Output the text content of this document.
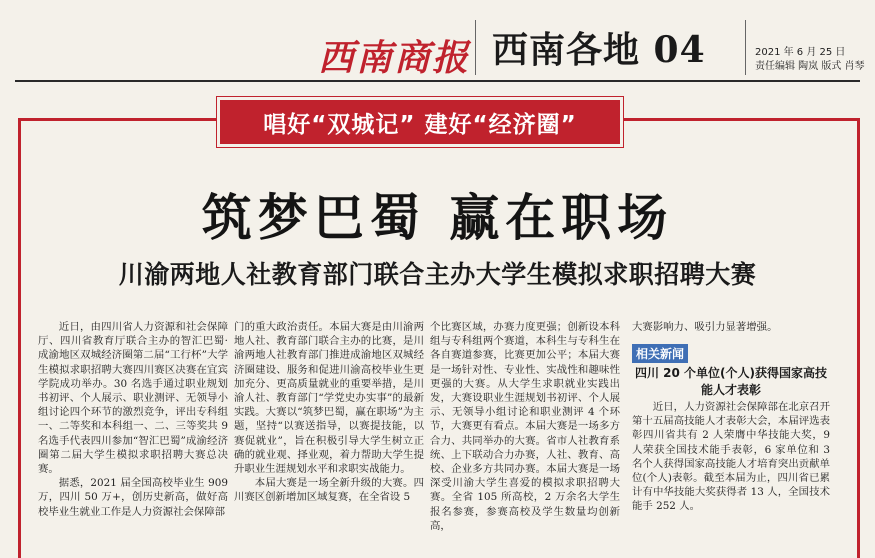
西南商报 西南各地 04	2021 年 6 月 25 日
责任编辑 陶岚 版式 肖琴
唱好“双城记” 建好“经济圈”
筑梦巴蜀 赢在职场
川渝两地人社教育部门联合主办大学生模拟求职招聘大赛

近日，由四川省人力资源和社会保障厅、四川省教育厅联合主办的智汇巴蜀·成渝地区双城经济圈第二届“工行杯”大学生模拟求职招聘大赛四川赛区决赛在宜宾学院成功举办。30 名选手通过职业规划书初评、个人展示、职业测评、无领导小组讨论四个环节的激烈竞争，评出专科组一、二等奖和本科组一、二、三等奖共 9 名选手代表四川参加“智汇巴蜀”成渝经济圈第二届大学生模拟求职招聘大赛总决赛。

据悉，2021 届全国高校毕业生 909 万，四川 50 万+，创历史新高，做好高校毕业生就业工作是人力资源社会保障部

门的重大政治责任。本届大赛是由川渝两地人社、教育部门联合主办的比赛，是川渝两地人社教育部门推进成渝地区双城经济圈建设、服务和促进川渝高校毕业生更加充分、更高质量就业的重要举措，是川渝人社、教育部门“学党史办实事”的最新实践。大赛以“筑梦巴蜀，赢在职场”为主题，坚持“以赛送指导，以赛提技能，以赛促就业”，旨在积极引导大学生树立正确的就业观、择业观，着力帮助大学生提升职业生涯规划水平和求职实战能力。

本届大赛是一场全新升级的大赛。四川赛区创新增加区域复赛，在全省设 5

个比赛区域，办赛力度更强；创新设本科组与专科组两个赛道，本科生与专科生在各自赛道参赛，比赛更加公平；本届大赛是一场针对性、专业性、实战性和趣味性更强的大赛。从大学生求职就业实践出发，大赛设职业生涯规划书初评、个人展示、无领导小组讨论和职业测评 4 个环节，大赛更有看点。本届大赛是一场多方合力、共同举办的大赛。省市人社教育系统、上下联动合力办赛，人社、教育、高校、企业多方共同办赛。本届大赛是一场深受川渝大学生喜爱的模拟求职招聘大赛。全省 105 所高校，2 万余名大学生报名参赛，参赛高校及学生数量均创新高，

大赛影响力、吸引力显著增强。

相关新闻
四川 20 个单位(个人)获得国家高技能人才表彰

近日，人力资源社会保障部在北京召开第十五届高技能人才表彰大会，本届评选表彰四川省共有 2 人荣膺中华技能大奖，9 人荣获全国技术能手表彰，6 家单位和 3 名个人获得国家高技能人才培育突出贡献单位(个人)表彰。截至本届为止，四川省已累计有中华技能大奖获得者 13 人，全国技术能手 252 人。
